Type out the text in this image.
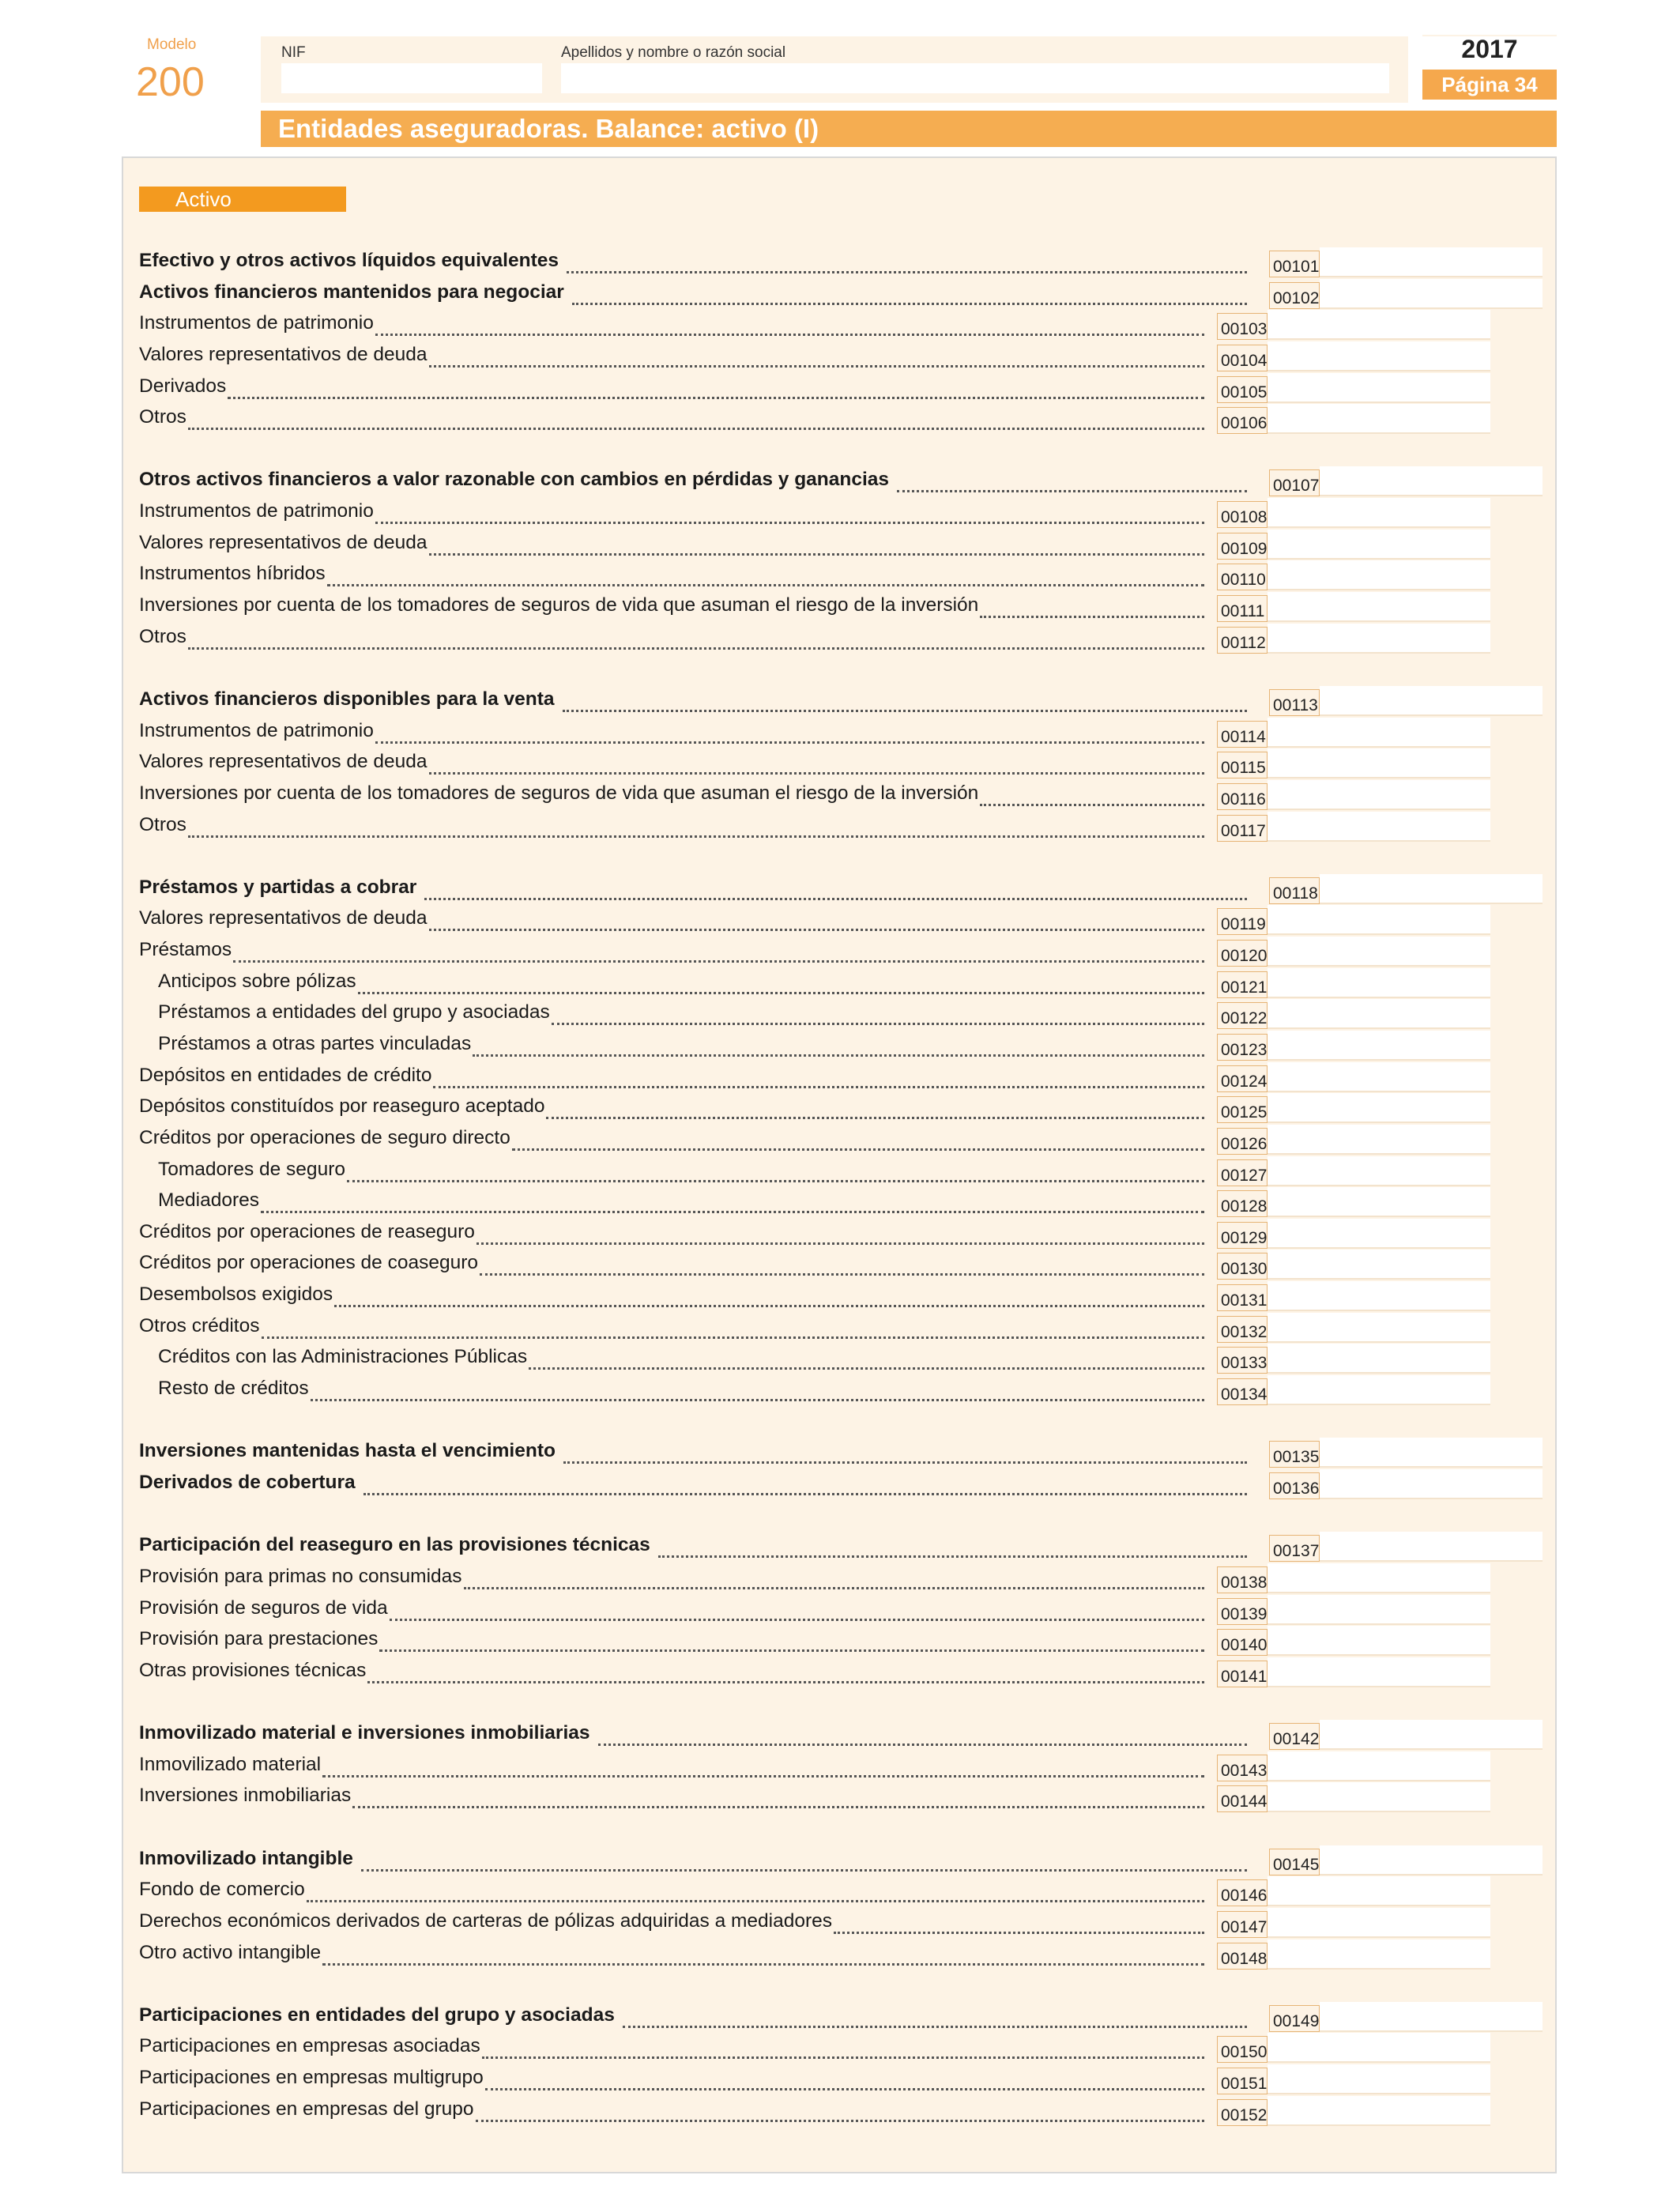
Modelo
200
NIF	Apellidos y nombre o razón social	2017
Página 34
Entidades aseguradoras. Balance: activo (I)
Activo
Efectivo y otros activos líquidos equivalentes	00101
Activos financieros mantenidos para negociar	00102
Instrumentos de patrimonio	00103
Valores representativos de deuda	00104
Derivados	00105
Otros	00106
Otros activos financieros a valor razonable con cambios en pérdidas y ganancias	00107
Instrumentos de patrimonio	00108
Valores representativos de deuda	00109
Instrumentos híbridos	00110
Inversiones por cuenta de los tomadores de seguros de vida que asuman el riesgo de la inversión	00111
Otros	00112
Activos financieros disponibles para la venta	00113
Instrumentos de patrimonio	00114
Valores representativos de deuda	00115
Inversiones por cuenta de los tomadores de seguros de vida que asuman el riesgo de la inversión	00116
Otros	00117
Préstamos y partidas a cobrar	00118
Valores representativos de deuda	00119
Préstamos	00120
Anticipos sobre pólizas	00121
Préstamos a entidades del grupo y asociadas	00122
Préstamos a otras partes vinculadas	00123
Depósitos en entidades de crédito	00124
Depósitos constituídos por reaseguro aceptado	00125
Créditos por operaciones de seguro directo	00126
Tomadores de seguro	00127
Mediadores	00128
Créditos por operaciones de reaseguro	00129
Créditos por operaciones de coaseguro	00130
Desembolsos exigidos	00131
Otros créditos	00132
Créditos con las Administraciones Públicas	00133
Resto de créditos	00134
Inversiones mantenidas hasta el vencimiento	00135
Derivados de cobertura	00136
Participación del reaseguro en las provisiones técnicas	00137
Provisión para primas no consumidas	00138
Provisión de seguros de vida	00139
Provisión para prestaciones	00140
Otras provisiones técnicas	00141
Inmovilizado material e inversiones inmobiliarias	00142
Inmovilizado material	00143
Inversiones inmobiliarias	00144
Inmovilizado intangible	00145
Fondo de comercio	00146
Derechos económicos derivados de carteras de pólizas adquiridas a mediadores	00147
Otro activo intangible	00148
Participaciones en entidades del grupo y asociadas	00149
Participaciones en empresas asociadas	00150
Participaciones en empresas multigrupo	00151
Participaciones en empresas del grupo	00152
